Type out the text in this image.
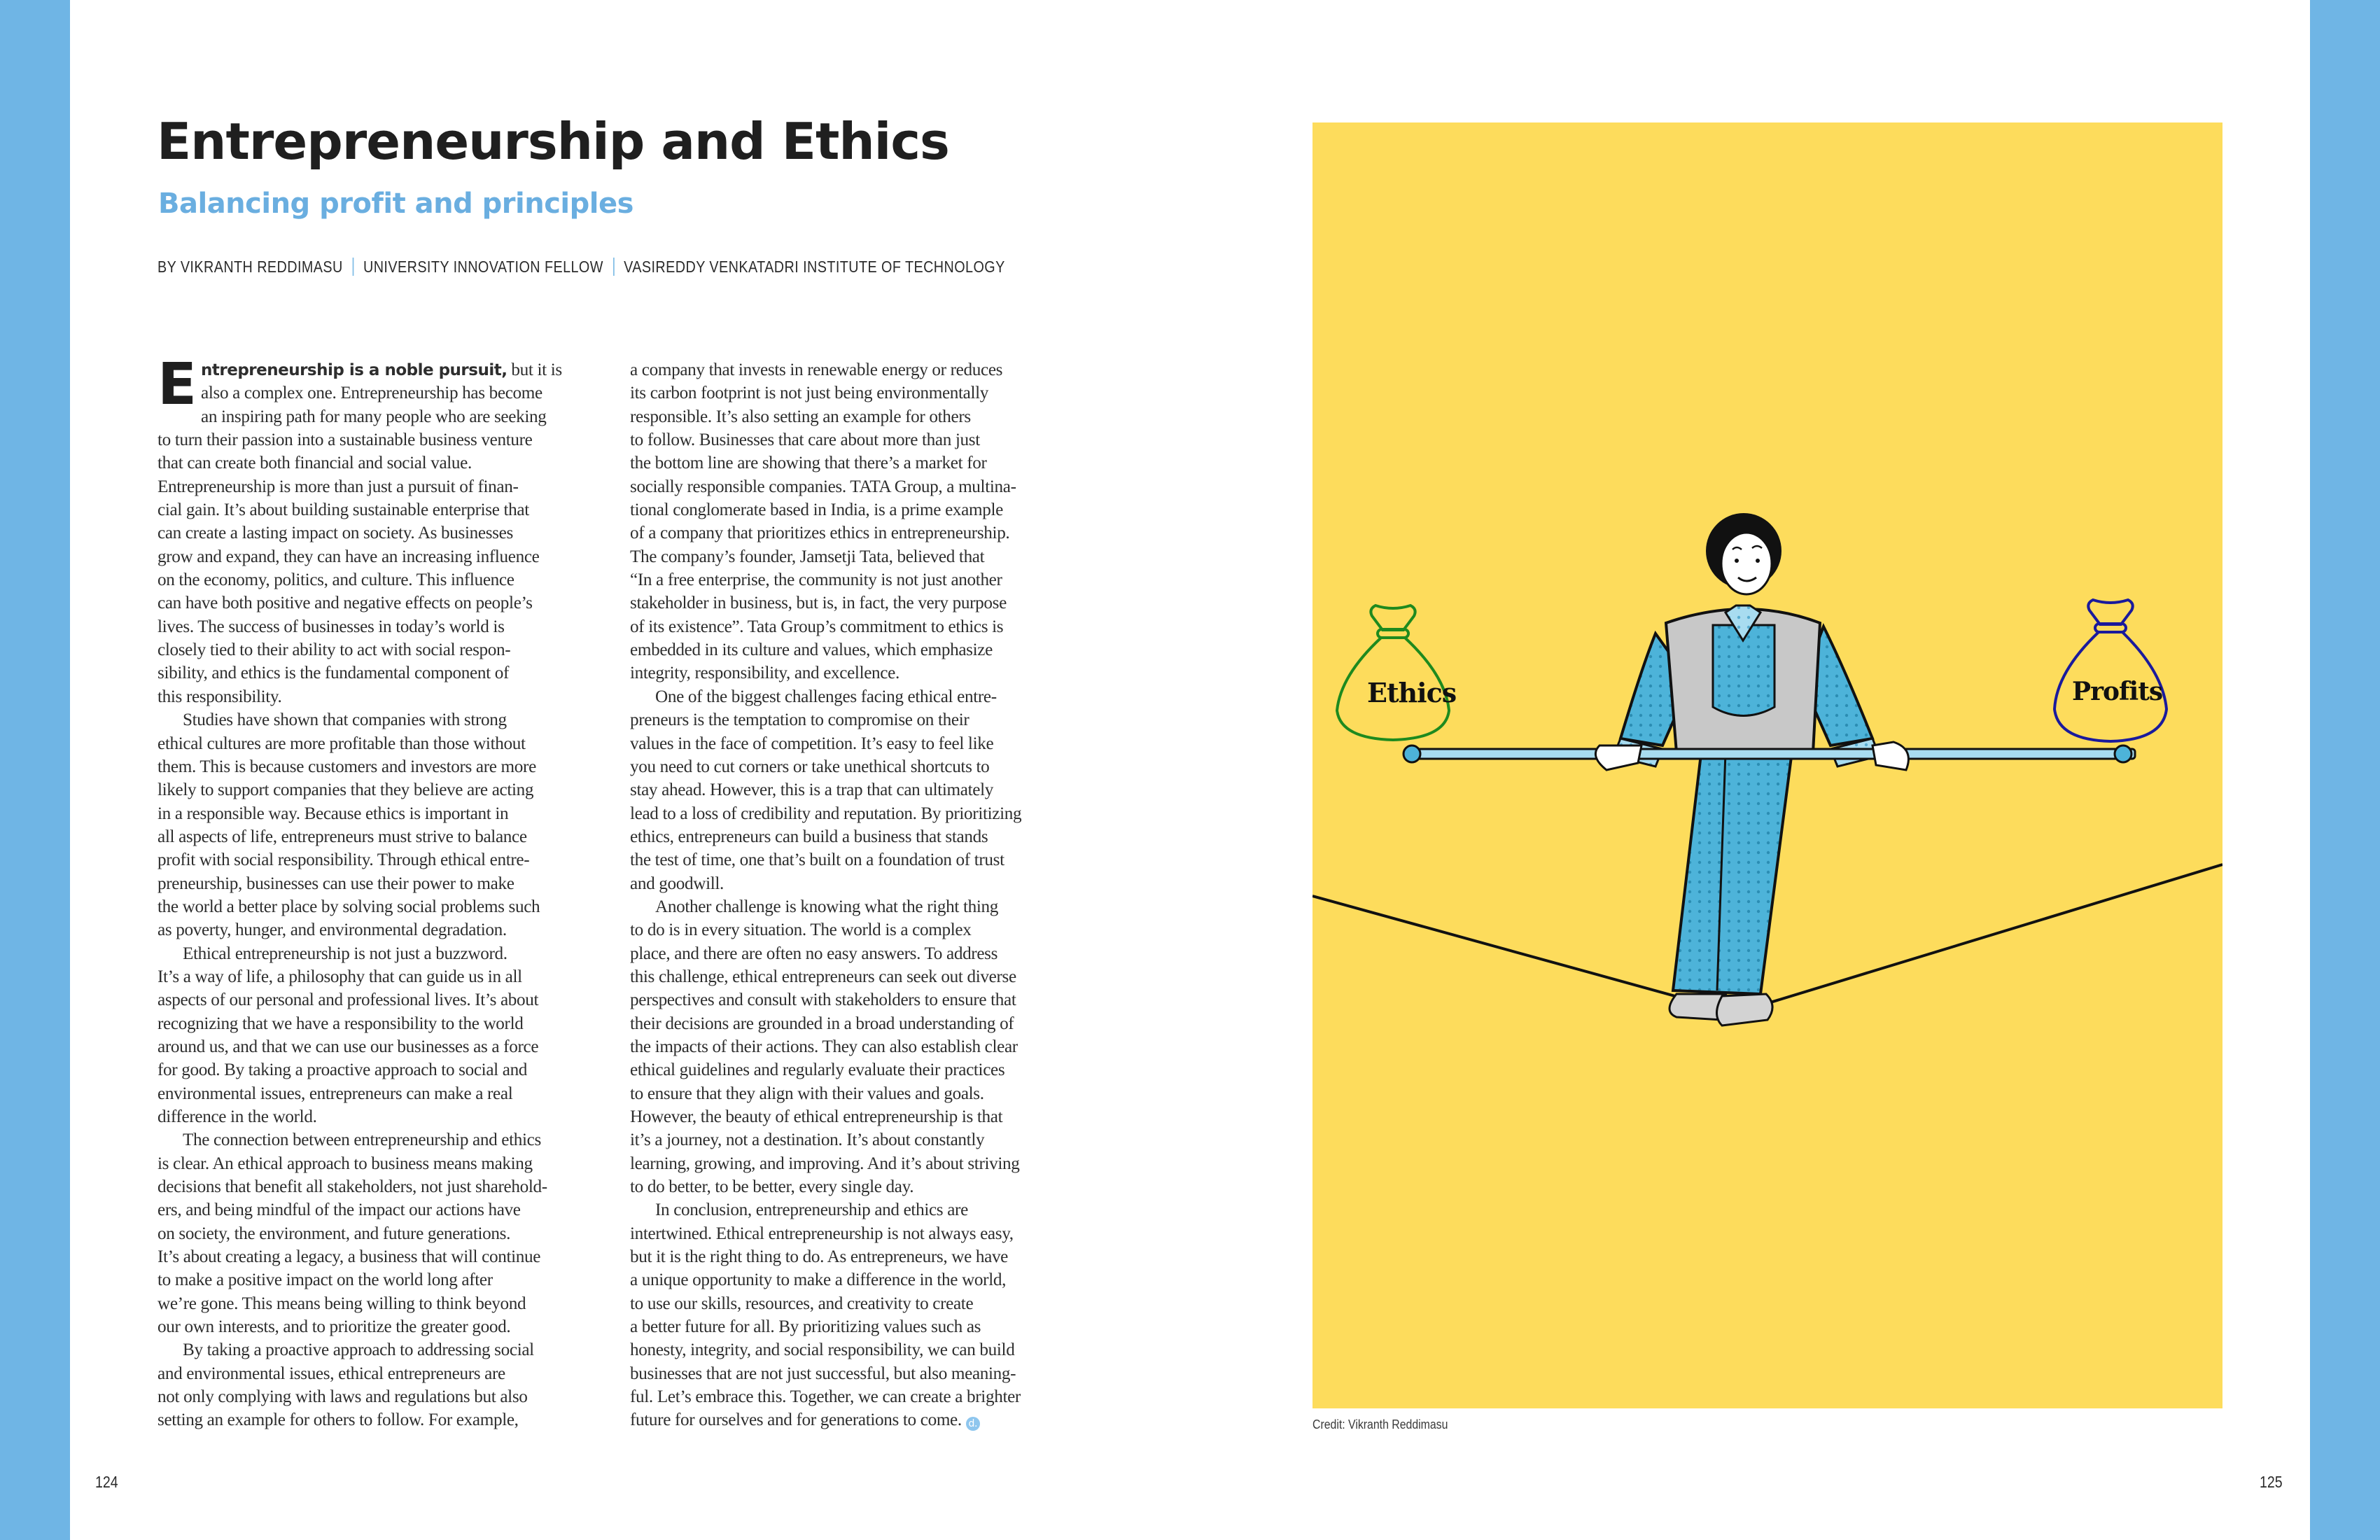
Entrepreneurship and Ethics
Balancing profit and principles
BY VIKRANTH REDDIMASU UNIVERSITY INNOVATION FELLOW VASIREDDY VENKATADRI INSTITUTE OF TECHNOLOGY
E ntrepreneurship is a noble pursuit, but it is
also a complex one. Entrepreneurship has become
an inspiring path for many people who are seeking
to turn their passion into a sustainable business venture
that can create both financial and social value.
Entrepreneurship is more than just a pursuit of finan-
cial gain. It’s about building sustainable enterprise that
can create a lasting impact on society. As businesses
grow and expand, they can have an increasing influence
on the economy, politics, and culture. This influence
can have both positive and negative effects on people’s
lives. The success of businesses in today’s world is
closely tied to their ability to act with social respon-
sibility, and ethics is the fundamental component of
this responsibility.
Studies have shown that companies with strong
ethical cultures are more profitable than those without
them. This is because customers and investors are more
likely to support companies that they believe are acting
in a responsible way. Because ethics is important in
all aspects of life, entrepreneurs must strive to balance
profit with social responsibility. Through ethical entre-
preneurship, businesses can use their power to make
the world a better place by solving social problems such
as poverty, hunger, and environmental degradation.
Ethical entrepreneurship is not just a buzzword.
It’s a way of life, a philosophy that can guide us in all
aspects of our personal and professional lives. It’s about
recognizing that we have a responsibility to the world
around us, and that we can use our businesses as a force
for good. By taking a proactive approach to social and
environmental issues, entrepreneurs can make a real
difference in the world.
The connection between entrepreneurship and ethics
is clear. An ethical approach to business means making
decisions that benefit all stakeholders, not just sharehold-
ers, and being mindful of the impact our actions have
on society, the environment, and future generations.
It’s about creating a legacy, a business that will continue
to make a positive impact on the world long after
we’re gone. This means being willing to think beyond
our own interests, and to prioritize the greater good.
By taking a proactive approach to addressing social
and environmental issues, ethical entrepreneurs are
not only complying with laws and regulations but also
setting an example for others to follow. For example,
a company that invests in renewable energy or reduces
its carbon footprint is not just being environmentally
responsible. It’s also setting an example for others
to follow. Businesses that care about more than just
the bottom line are showing that there’s a market for
socially responsible companies. TATA Group, a multina-
tional conglomerate based in India, is a prime example
of a company that prioritizes ethics in entrepreneurship.
The company’s founder, Jamsetji Tata, believed that
“In a free enterprise, the community is not just another
stakeholder in business, but is, in fact, the very purpose
of its existence”. Tata Group’s commitment to ethics is
embedded in its culture and values, which emphasize
integrity, responsibility, and excellence.
One of the biggest challenges facing ethical entre-
preneurs is the temptation to compromise on their
values in the face of competition. It’s easy to feel like
you need to cut corners or take unethical shortcuts to
stay ahead. However, this is a trap that can ultimately
lead to a loss of credibility and reputation. By prioritizing
ethics, entrepreneurs can build a business that stands
the test of time, one that’s built on a foundation of trust
and goodwill.
Another challenge is knowing what the right thing
to do is in every situation. The world is a complex
place, and there are often no easy answers. To address
this challenge, ethical entrepreneurs can seek out diverse
perspectives and consult with stakeholders to ensure that
their decisions are grounded in a broad understanding of
the impacts of their actions. They can also establish clear
ethical guidelines and regularly evaluate their practices
to ensure that they align with their values and goals.
However, the beauty of ethical entrepreneurship is that
it’s a journey, not a destination. It’s about constantly
learning, growing, and improving. And it’s about striving
to do better, to be better, every single day.
In conclusion, entrepreneurship and ethics are
intertwined. Ethical entrepreneurship is not always easy,
but it is the right thing to do. As entrepreneurs, we have
a unique opportunity to make a difference in the world,
to use our skills, resources, and creativity to create
a better future for all. By prioritizing values such as
honesty, integrity, and social responsibility, we can build
businesses that are not just successful, but also meaning-
ful. Let’s embrace this. Together, we can create a brighter
future for ourselves and for generations to come. d.
Ethics	Profits
Credit: Vikranth Reddimasu
124	125
